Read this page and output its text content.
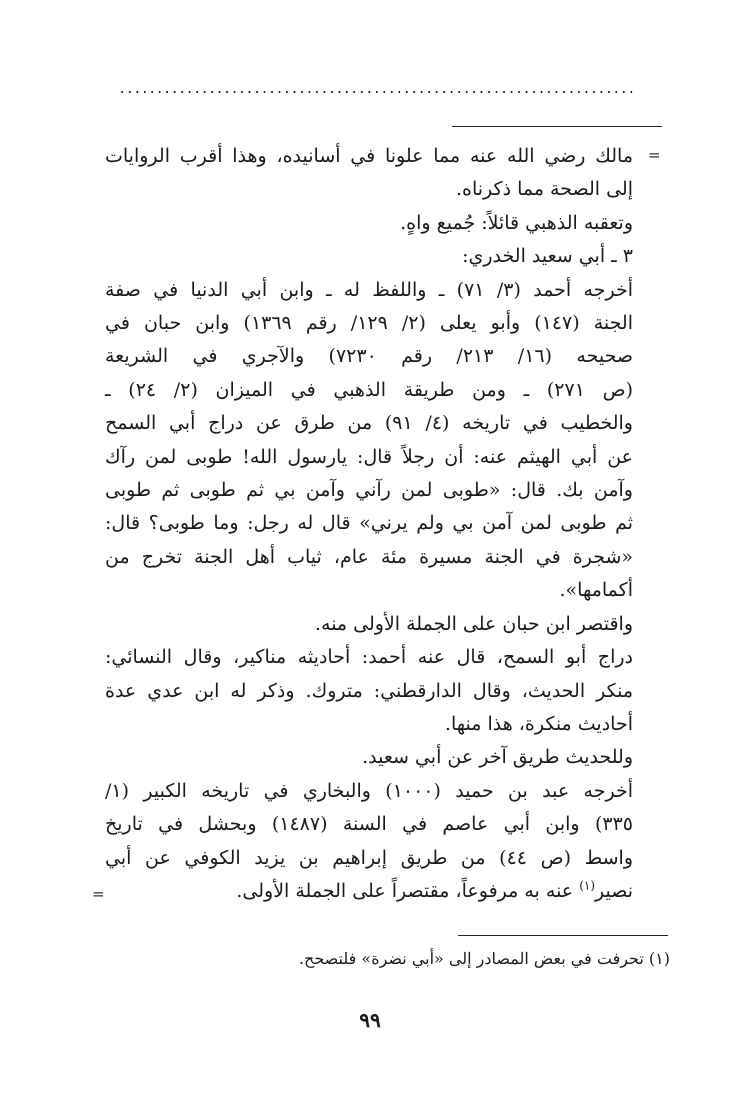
.....................................................................
=
مالك رضي الله عنه مما علونا في أسانيده، وهذا أقرب الروايات
إلى الصحة مما ذكرناه.
وتعقبه الذهبي قائلاً: جُميع واهٍ.
٣ ـ أبي سعيد الخدري:
أخرجه أحمد (٣/ ٧١) ـ واللفظ له ـ وابن أبي الدنيا في صفة
الجنة (١٤٧) وأبو يعلى (٢/ ١٢٩/ رقم ١٣٦٩) وابن حبان في
صحيحه (١٦/ ٢١٣/ رقم ٧٢٣٠) والآجري في الشريعة
(ص ٢٧١) ـ ومن طريقة الذهبي في الميزان (٢/ ٢٤) ـ
والخطيب في تاريخه (٤/ ٩١) من طرق عن دراج أبي السمح
عن أبي الهيثم عنه: أن رجلاً قال: يارسول الله! طوبى لمن رآك
وآمن بك. قال: «طوبى لمن رآني وآمن بي ثم طوبى ثم طوبى
ثم طوبى لمن آمن بي ولم يرني» قال له رجل: وما طوبى؟ قال:
«شجرة في الجنة مسيرة مئة عام، ثياب أهل الجنة تخرج من
أكمامها».
واقتصر ابن حبان على الجملة الأولى منه.
دراج أبو السمح، قال عنه أحمد: أحاديثه مناكير، وقال النسائي:
منكر الحديث، وقال الدارقطني: متروك. وذكر له ابن عدي عدة
أحاديث منكرة، هذا منها.
وللحديث طريق آخر عن أبي سعيد.
أخرجه عبد بن حميد (١٠٠٠) والبخاري في تاريخه الكبير (١/
٣٣٥) وابن أبي عاصم في السنة (١٤٨٧) وبحشل في تاريخ
واسط (ص ٤٤) من طريق إبراهيم بن يزيد الكوفي عن أبي
نصير$^{(١)}$ عنه به مرفوعاً، مقتصراً على الجملة الأولى.
=
(١) تحرفت في بعض المصادر إلى «أبي نضرة» فلتصحح.
٩٩
